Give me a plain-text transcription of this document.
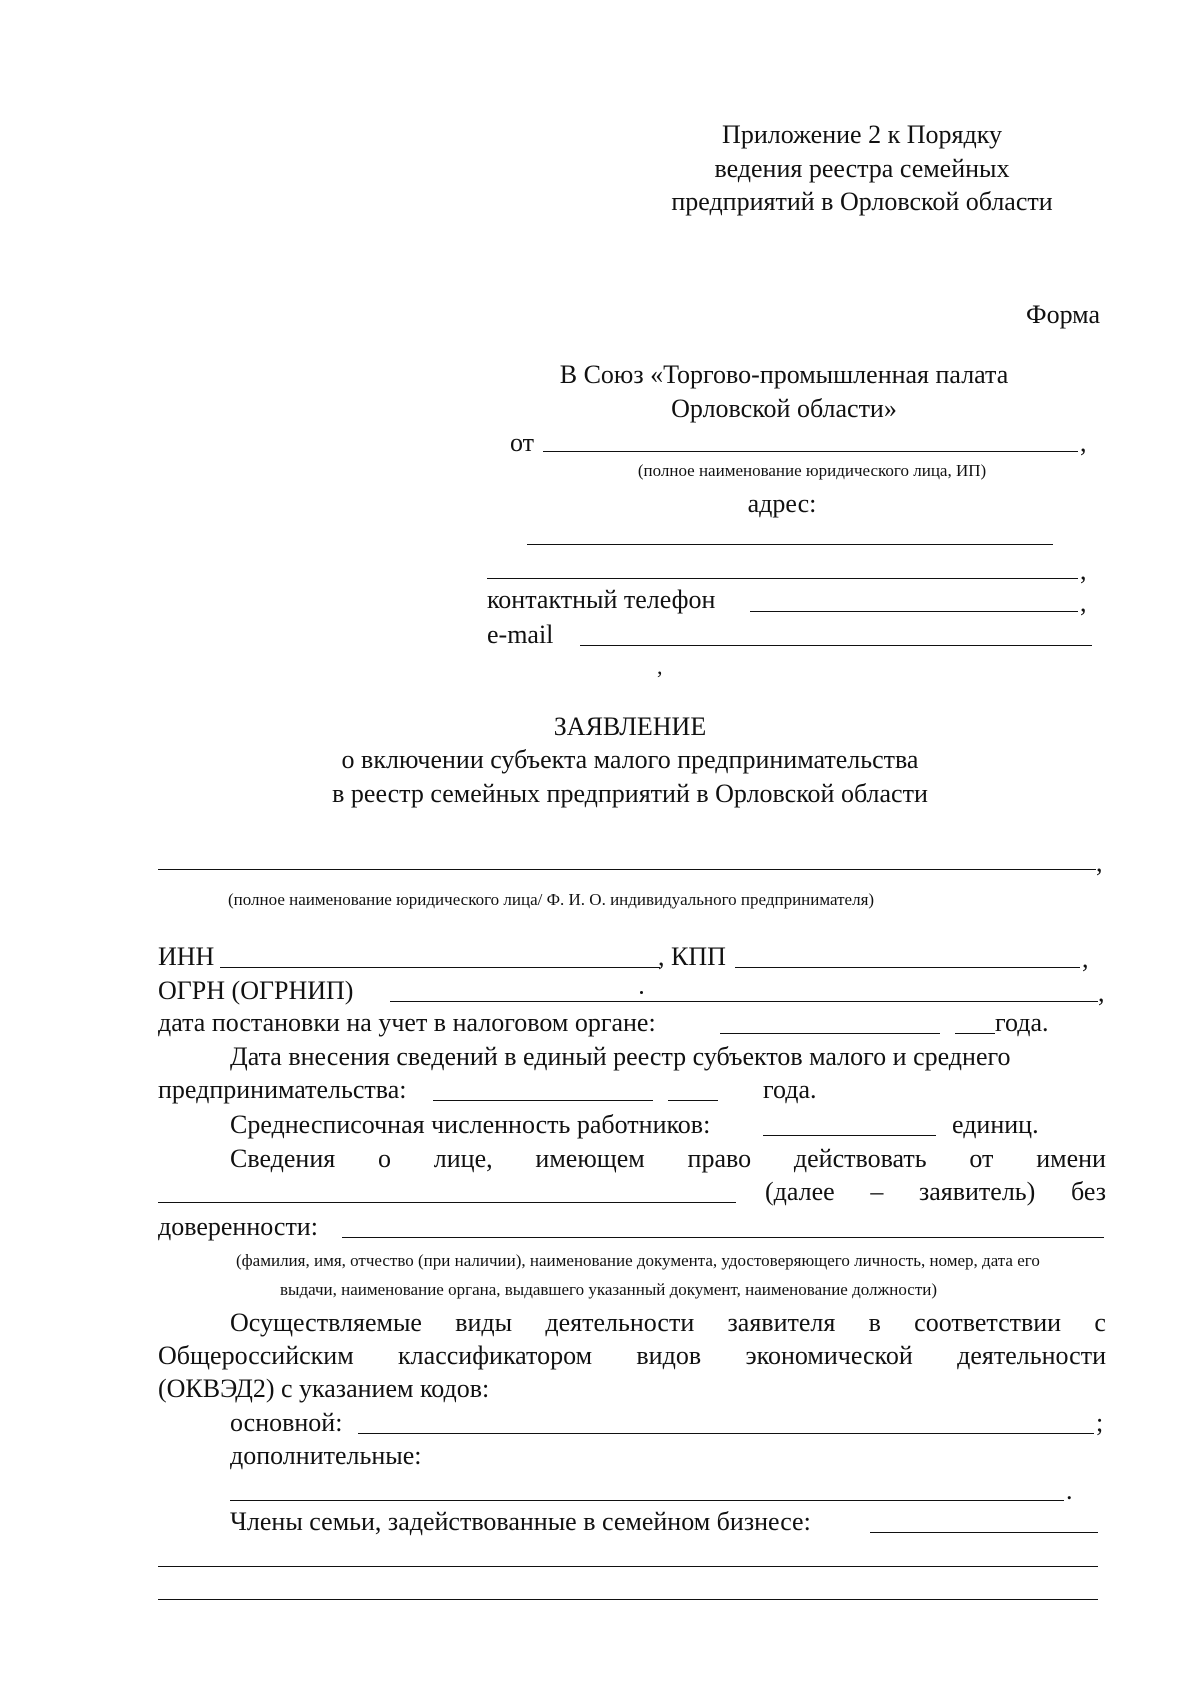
Приложение 2 к Порядку
ведения реестра семейных
предприятий в Орловской области
Форма
В Союз «Торгово-промышленная палата
Орловской области»
от	,
(полное наименование юридического лица, ИП)
адрес:
,
контактный телефон	,
e-mail
,
ЗАЯВЛЕНИЕ
о включении субъекта малого предпринимательства
в реестр семейных предприятий в Орловской области
,
(полное наименование юридического лица/ Ф. И. О. индивидуального предпринимателя)
ИНН	, КПП	,
ОГРН (ОГРНИП)	,
дата постановки на учет в налоговом органе:	года.
Дата внесения сведений в единый реестр субъектов малого и среднего
предпринимательства:	года.
Среднесписочная численность работников:	единиц.
Сведения о лице, имеющем право действовать от имени
(далее – заявитель) без
доверенности:
(фамилия, имя, отчество (при наличии), наименование документа, удостоверяющего личность, номер, дата его
выдачи, наименование органа, выдавшего указанный документ, наименование должности)
Осуществляемые виды деятельности заявителя в соответствии с
Общероссийским классификатором видов экономической деятельности
(ОКВЭД2) с указанием кодов:
основной:	;
дополнительные:
.
Члены семьи, задействованные в семейном бизнесе:
